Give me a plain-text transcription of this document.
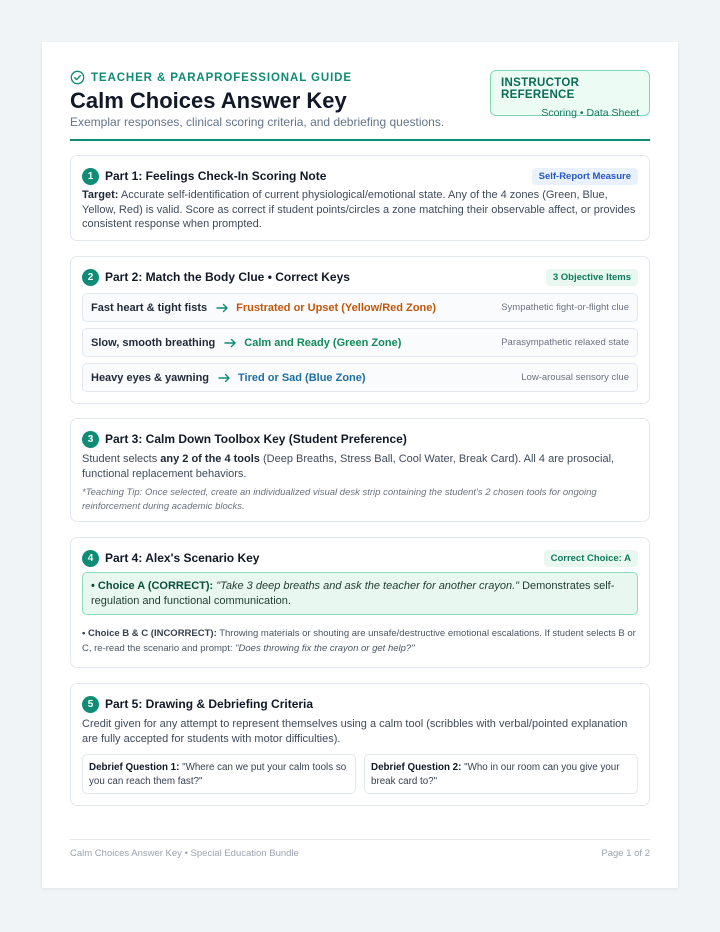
TEACHER & PARAPROFESSIONAL GUIDE
Calm Choices Answer Key
Exemplar responses, clinical scoring criteria, and debriefing questions.
INSTRUCTOR REFERENCE
Scoring • Data Sheet
1 Part 1: Feelings Check-In Scoring Note	Self-Report Measure
Target: Accurate self-identification of current physiological/emotional state. Any of the 4 zones (Green, Blue, Yellow, Red) is valid. Score as correct if student points/circles a zone matching their observable affect, or provides consistent response when prompted.
2 Part 2: Match the Body Clue • Correct Keys	3 Objective Items
Fast heart & tight fists	Frustrated or Upset (Yellow/Red Zone)	Sympathetic fight-or-flight clue
Slow, smooth breathing	Calm and Ready (Green Zone)	Parasympathetic relaxed state
Heavy eyes & yawning	Tired or Sad (Blue Zone)	Low-arousal sensory clue
3 Part 3: Calm Down Toolbox Key (Student Preference)
Student selects any 2 of the 4 tools (Deep Breaths, Stress Ball, Cool Water, Break Card). All 4 are prosocial, functional replacement behaviors.
*Teaching Tip: Once selected, create an individualized visual desk strip containing the student's 2 chosen tools for ongoing reinforcement during academic blocks.
4 Part 4: Alex's Scenario Key	Correct Choice: A
• Choice A (CORRECT): "Take 3 deep breaths and ask the teacher for another crayon." Demonstrates self-regulation and functional communication.
• Choice B & C (INCORRECT): Throwing materials or shouting are unsafe/destructive emotional escalations. If student selects B or C, re-read the scenario and prompt: "Does throwing fix the crayon or get help?"
5 Part 5: Drawing & Debriefing Criteria
Credit given for any attempt to represent themselves using a calm tool (scribbles with verbal/pointed explanation are fully accepted for students with motor difficulties).
Debrief Question 1: "Where can we put your calm tools so you can reach them fast?"
Debrief Question 2: "Who in our room can you give your break card to?"
Calm Choices Answer Key • Special Education Bundle	Page 1 of 2
